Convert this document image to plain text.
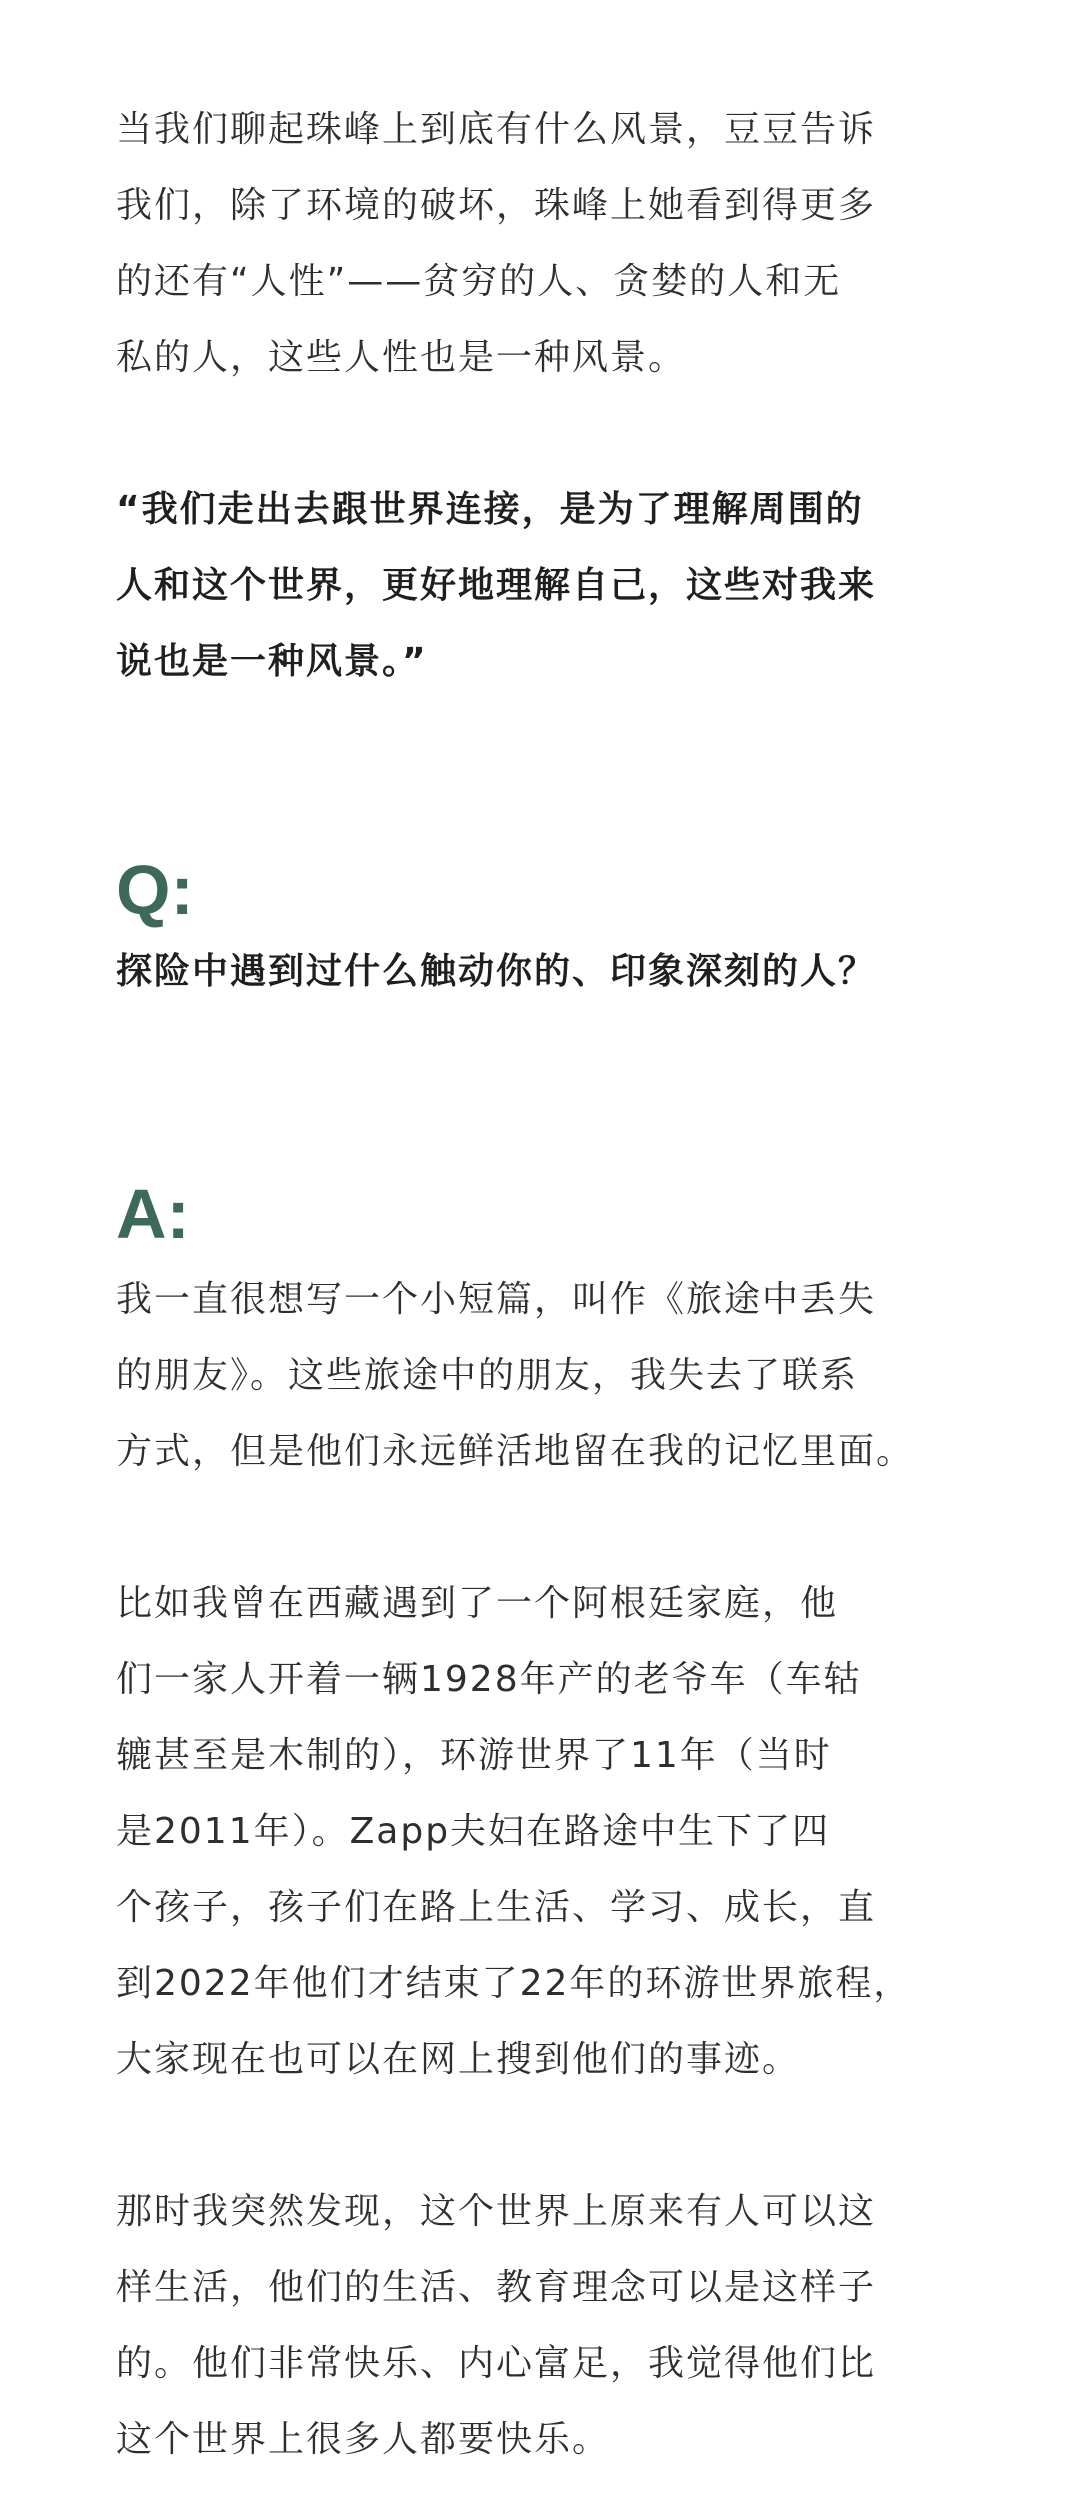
当我们聊起珠峰上到底有什么风景，豆豆告诉
我们，除了环境的破坏，珠峰上她看到得更多
的还有“人性”——贫穷的人、贪婪的人和无
私的人，这些人性也是一种风景。

“我们走出去跟世界连接，是为了理解周围的
人和这个世界，更好地理解自己，这些对我来
说也是一种风景。”

Q:
探险中遇到过什么触动你的、印象深刻的人？
A:

我一直很想写一个小短篇，叫作《旅途中丢失
的朋友》。这些旅途中的朋友，我失去了联系
方式，但是他们永远鲜活地留在我的记忆里面。

比如我曾在西藏遇到了一个阿根廷家庭，他
们一家人开着一辆1928年产的老爷车（车轱
辘甚至是木制的），环游世界了11年（当时
是2011年）。Zapp夫妇在路途中生下了四
个孩子，孩子们在路上生活、学习、成长，直
到2022年他们才结束了22年的环游世界旅程，
大家现在也可以在网上搜到他们的事迹。

那时我突然发现，这个世界上原来有人可以这
样生活，他们的生活、教育理念可以是这样子
的。他们非常快乐、内心富足，我觉得他们比
这个世界上很多人都要快乐。
